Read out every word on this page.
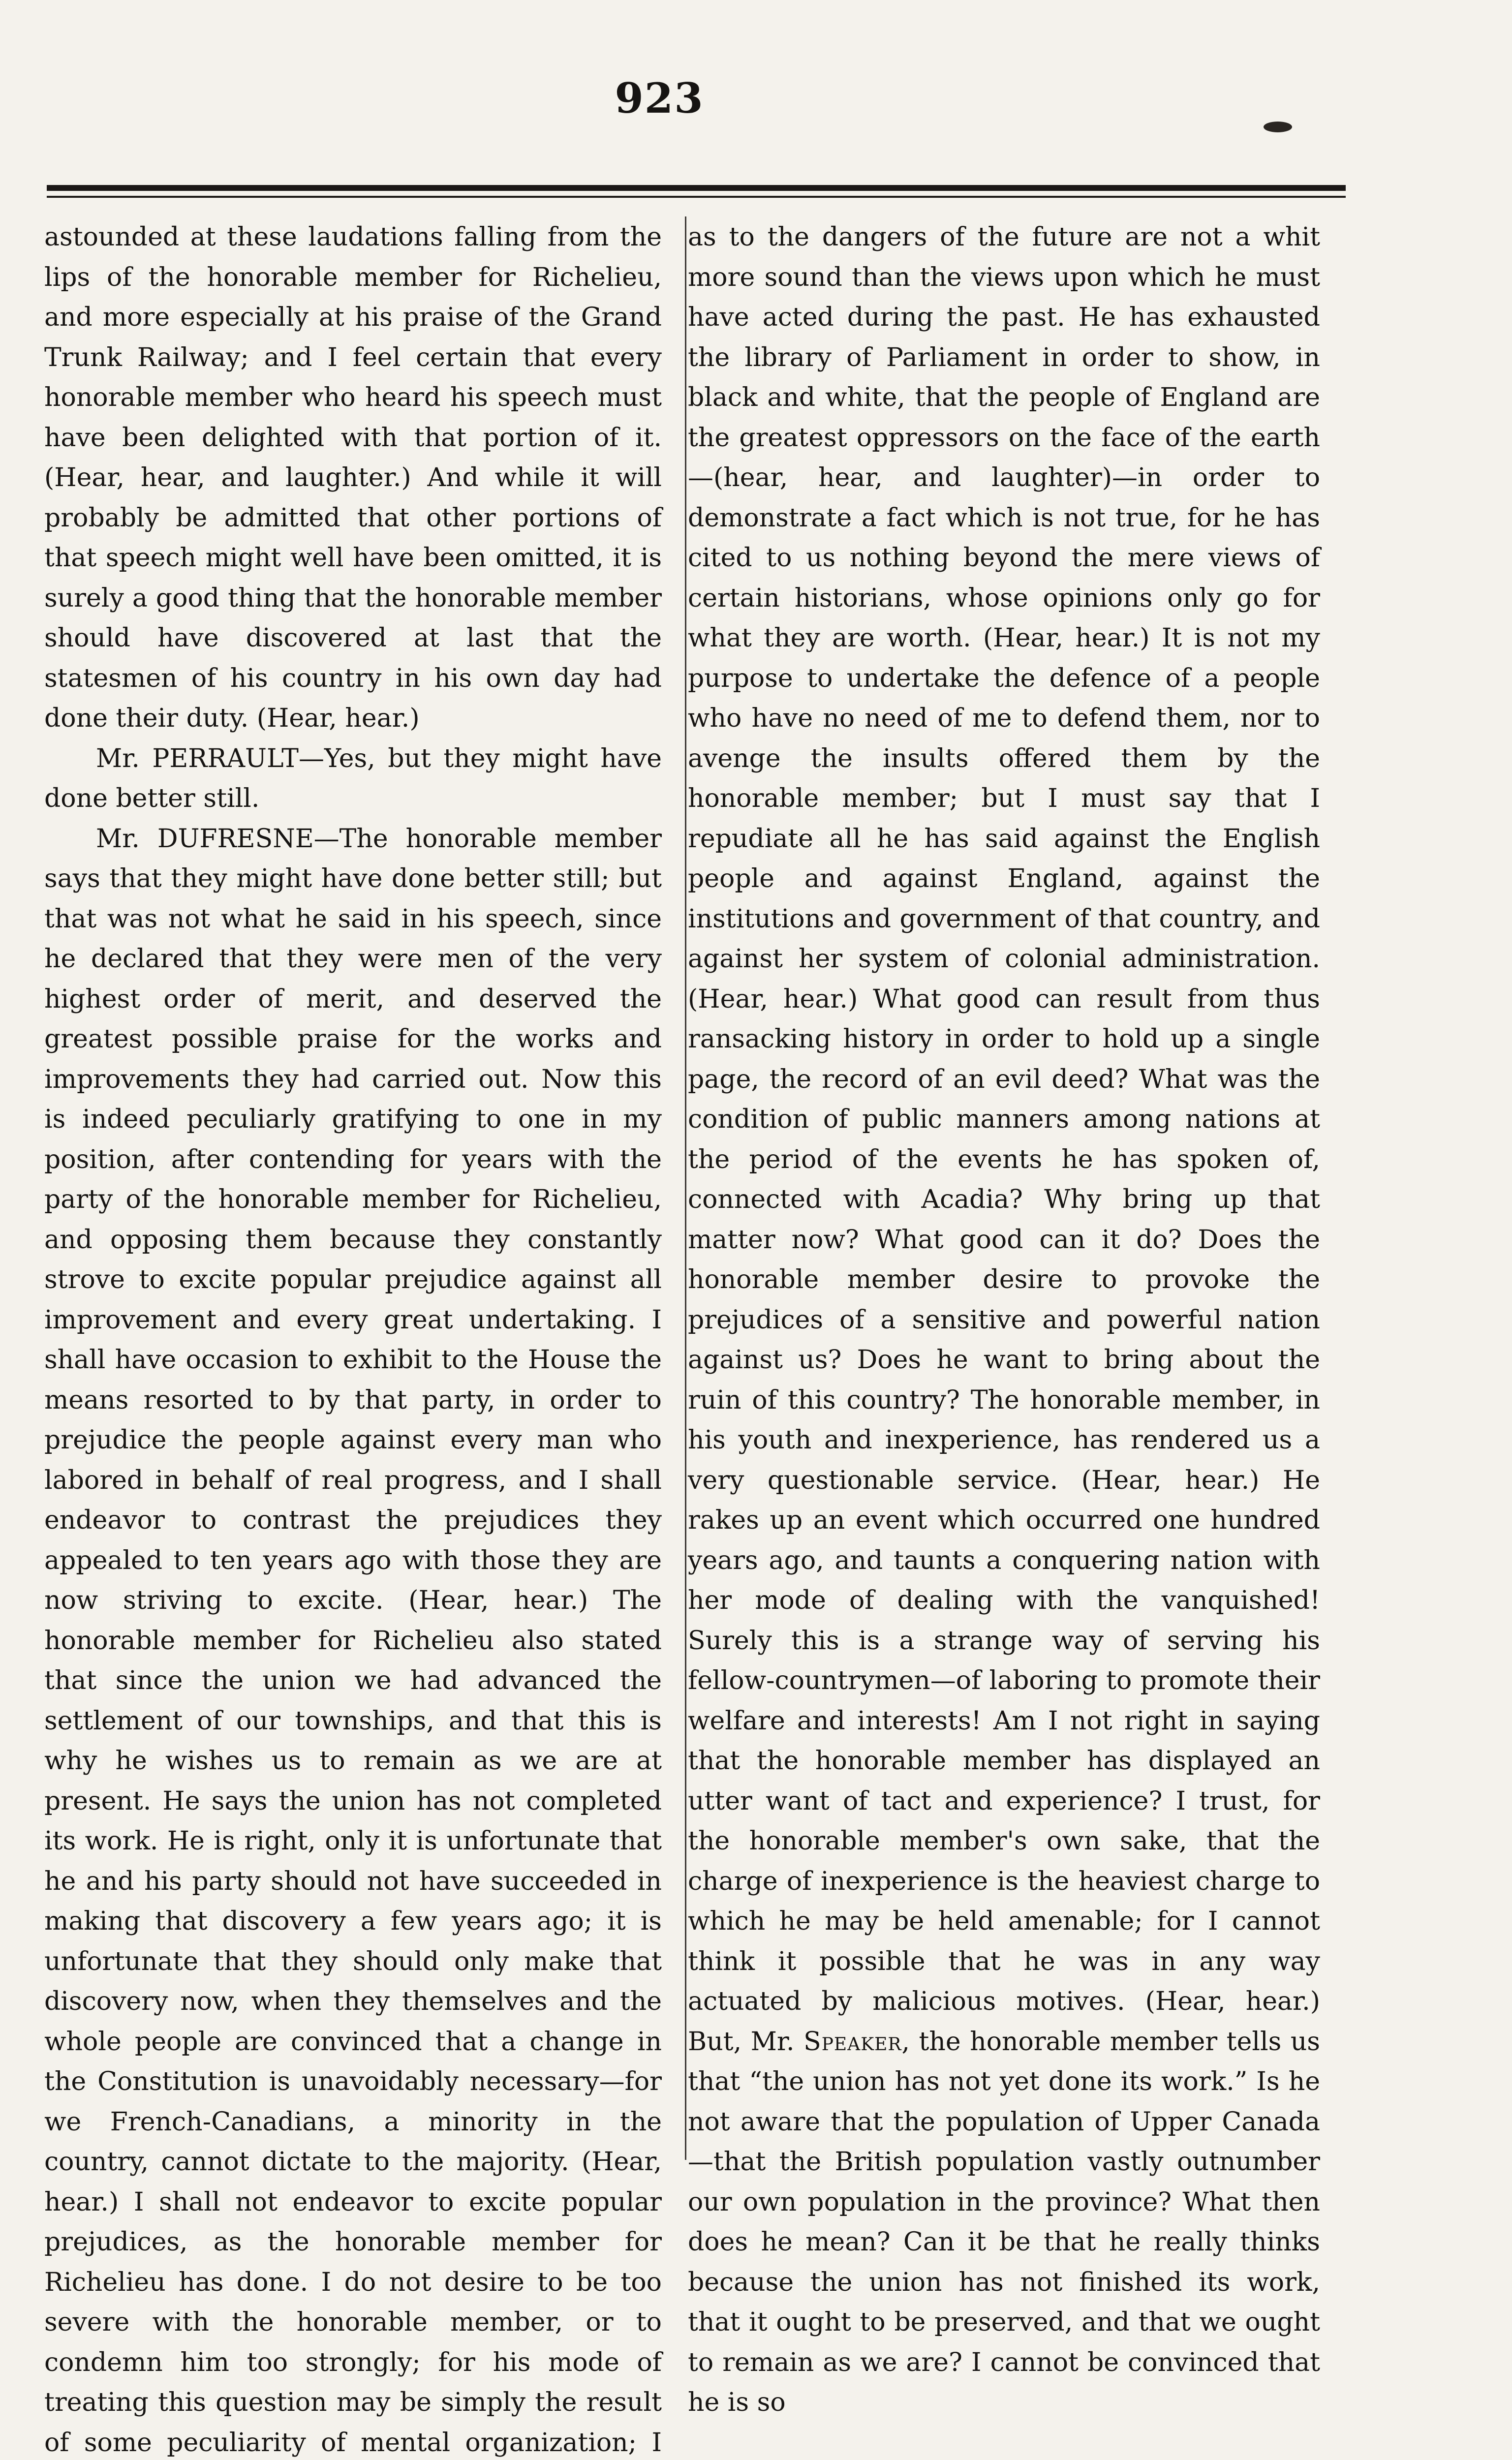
923

astounded at these laudations falling from the lips of the honorable member for Richelieu, and more especially at his praise of the Grand Trunk Railway; and I feel certain that every honorable member who heard his speech must have been delighted with that portion of it. (Hear, hear, and laughter.) And while it will probably be admitted that other portions of that speech might well have been omitted, it is surely a good thing that the honorable member should have discovered at last that the statesmen of his country in his own day had done their duty. (Hear, hear.)

Mr. PERRAULT—Yes, but they might have done better still.

Mr. DUFRESNE—The honorable member says that they might have done better still; but that was not what he said in his speech, since he declared that they were men of the very highest order of merit, and deserved the greatest possible praise for the works and improvements they had carried out. Now this is indeed peculiarly gratifying to one in my position, after contending for years with the party of the honorable member for Richelieu, and opposing them because they constantly strove to excite popular prejudice against all improvement and every great undertaking. I shall have occasion to exhibit to the House the means resorted to by that party, in order to prejudice the people against every man who labored in behalf of real progress, and I shall endeavor to contrast the prejudices they appealed to ten years ago with those they are now striving to excite. (Hear, hear.) The honorable member for Richelieu also stated that since the union we had advanced the settlement of our townships, and that this is why he wishes us to remain as we are at present. He says the union has not completed its work. He is right, only it is unfortunate that he and his party should not have succeeded in making that discovery a few years ago; it is unfortunate that they should only make that discovery now, when they themselves and the whole people are convinced that a change in the Constitution is unavoidably necessary—for we French-Canadians, a minority in the country, cannot dictate to the majority. (Hear, hear.) I shall not endeavor to excite popular prejudices, as the honorable member for Richelieu has done. I do not desire to be too severe with the honorable member, or to condemn him too strongly; for his mode of treating this question may be simply the result of some peculiarity of mental organization; I

as to the dangers of the future are not a whit more sound than the views upon which he must have acted during the past. He has exhausted the library of Parliament in order to show, in black and white, that the people of England are the greatest oppressors on the face of the earth—(hear, hear, and laughter)—in order to demonstrate a fact which is not true, for he has cited to us nothing beyond the mere views of certain historians, whose opinions only go for what they are worth. (Hear, hear.) It is not my purpose to undertake the defence of a people who have no need of me to defend them, nor to avenge the insults offered them by the honorable member; but I must say that I repudiate all he has said against the English people and against England, against the institutions and government of that country, and against her system of colonial administration. (Hear, hear.) What good can result from thus ransacking history in order to hold up a single page, the record of an evil deed? What was the condition of public manners among nations at the period of the events he has spoken of, connected with Acadia? Why bring up that matter now? What good can it do? Does the honorable member desire to provoke the prejudices of a sensitive and powerful nation against us? Does he want to bring about the ruin of this country? The honorable member, in his youth and inexperience, has rendered us a very questionable service. (Hear, hear.) He rakes up an event which occurred one hundred years ago, and taunts a conquering nation with her mode of dealing with the vanquished! Surely this is a strange way of serving his fellow-countrymen—of laboring to promote their welfare and interests! Am I not right in saying that the honorable member has displayed an utter want of tact and experience? I trust, for the honorable member's own sake, that the charge of inexperience is the heaviest charge to which he may be held amenable; for I cannot think it possible that he was in any way actuated by malicious motives. (Hear, hear.) But, Mr. Speaker, the honorable member tells us that “the union has not yet done its work.” Is he not aware that the population of Upper Canada—that the British population vastly outnumber our own population in the province? What then does he mean? Can it be that he really thinks because the union has not finished its work, that it ought to be preserved, and that we ought to remain as we are? I cannot be convinced that he is so
